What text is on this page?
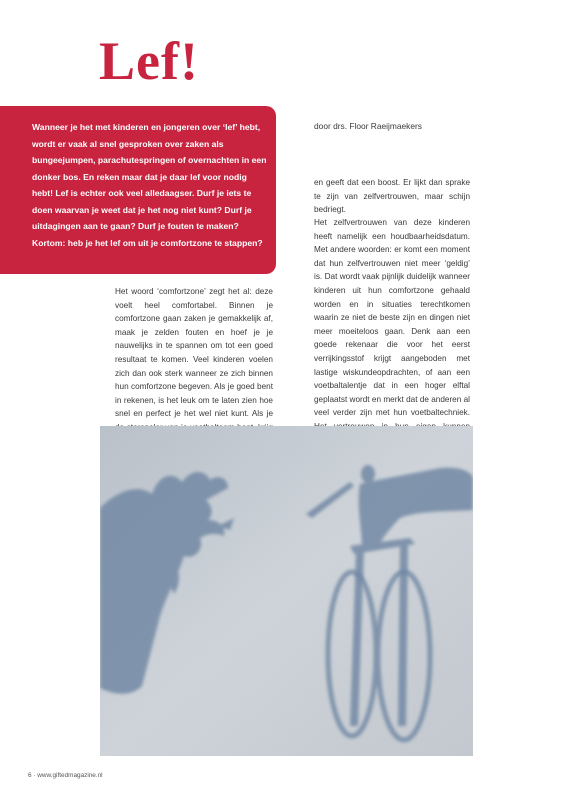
Lef!

Wanneer je het met kinderen en jongeren over ‘lef’ hebt, wordt er vaak al snel gesproken over zaken als bungeejumpen, parachutespringen of overnachten in een donker bos. En reken maar dat je daar lef voor nodig hebt! Lef is echter ook veel alledaagser. Durf je iets te doen waarvan je weet dat je het nog niet kunt? Durf je uitdagingen aan te gaan? Durf je fouten te maken? Kortom: heb je het lef om uit je comfortzone te stappen?

door drs. Floor Raeijmaekers

Het woord ‘comfortzone’ zegt het al: deze voelt heel comfortabel. Binnen je comfortzone gaan zaken je gemakkelijk af, maak je zelden fouten en hoef je je nauwelijks in te spannen om tot een goed resultaat te komen. Veel kinderen voelen zich dan ook sterk wanneer ze zich binnen hun comfortzone begeven. Als je goed bent in rekenen, is het leuk om te laten zien hoe snel en perfect je het wel niet kunt. Als je

en geeft dat een boost. Er lijkt dan sprake te zijn van zelfvertrouwen, maar schijn bedriegt.

Het zelfvertrouwen van deze kinderen heeft namelijk een houdbaarheidsdatum. Met andere woorden: er komt een moment dat hun zelfvertrouwen niet meer ‘geldig’ is. Dat wordt vaak pijnlijk duidelijk wanneer kinderen uit hun comfortzone gehaald worden en in situaties terechtkomen waarin ze niet de beste zijn en dingen niet meer moeiteloos gaan. Denk aan een goede rekenaar die voor het eerst verrijkingsstof krijgt aangeboden met lastige wiskundeopdrachten, of aan een voetbaltalentje dat in een hoger elftal geplaatst wordt en merkt dat de anderen al veel verder zijn met hun voetbaltechniek.

6 · www.giftedmagazine.nl
